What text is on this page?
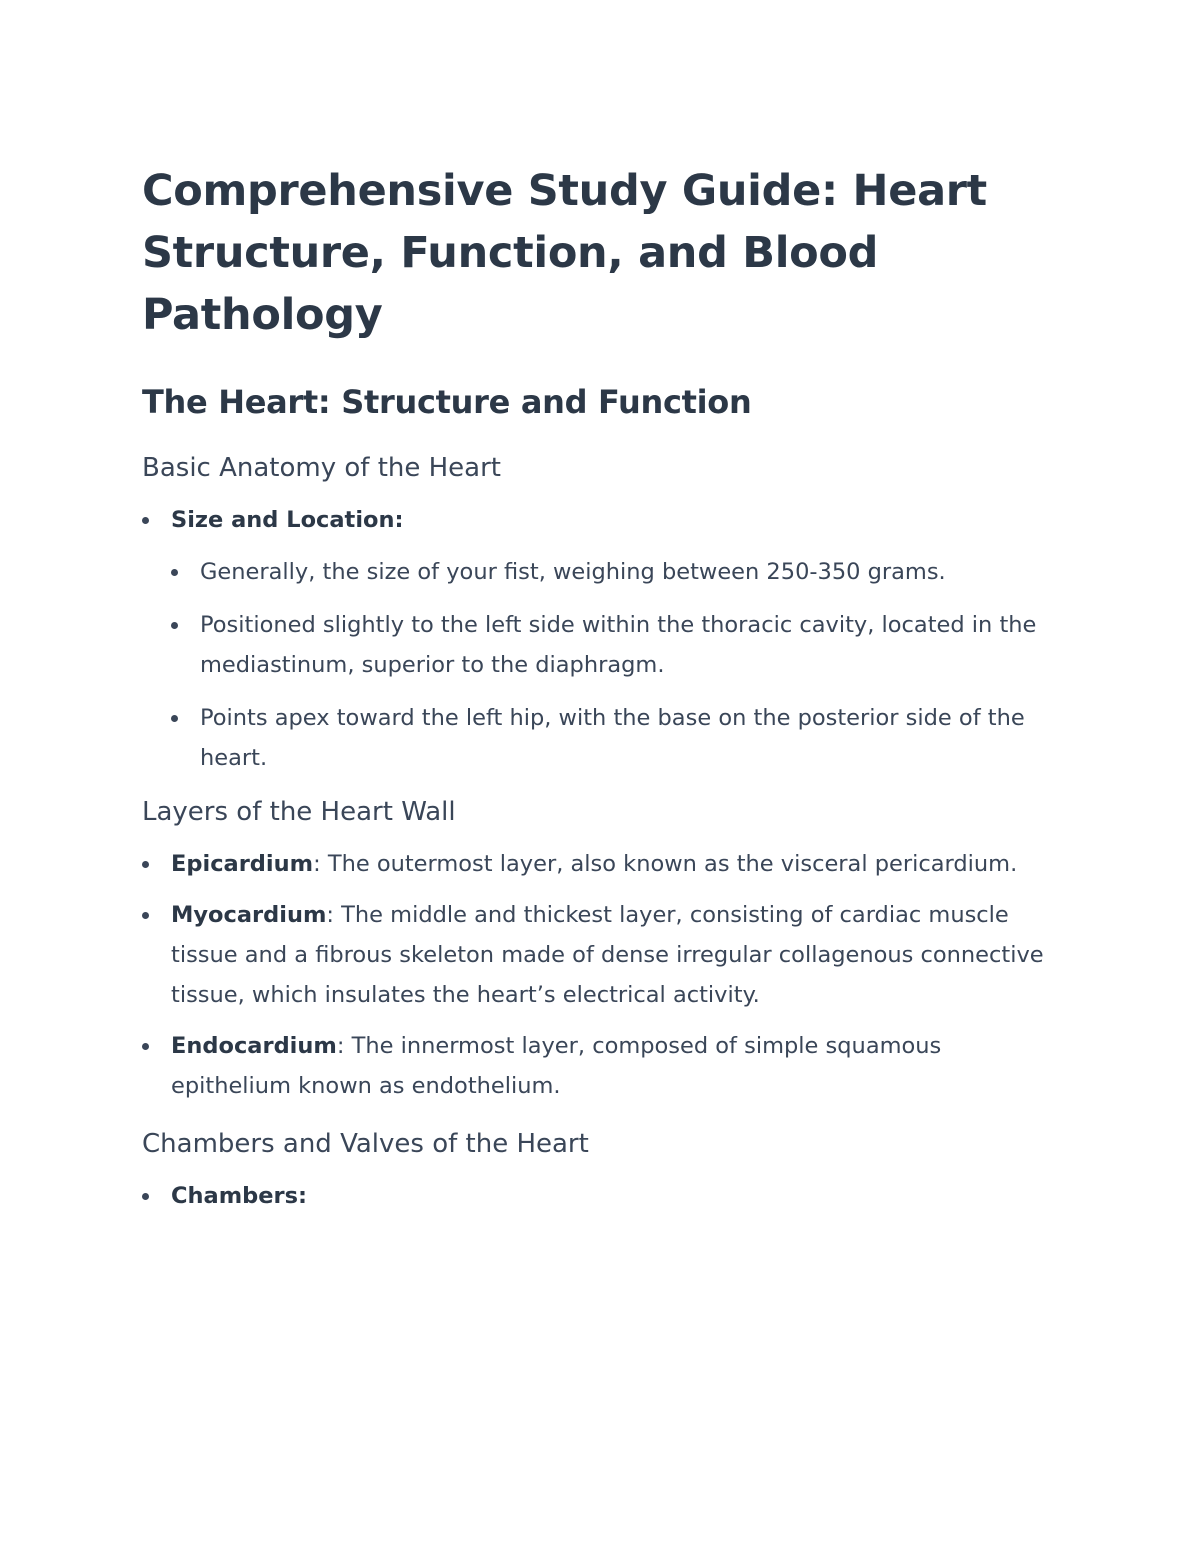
Comprehensive Study Guide: Heart Structure, Function, and Blood Pathology
The Heart: Structure and Function
Basic Anatomy of the Heart
Size and Location:
Generally, the size of your fist, weighing between 250-350 grams.
Positioned slightly to the left side within the thoracic cavity, located in the mediastinum, superior to the diaphragm.
Points apex toward the left hip, with the base on the posterior side of the heart.
Layers of the Heart Wall
Epicardium: The outermost layer, also known as the visceral pericardium.
Myocardium: The middle and thickest layer, consisting of cardiac muscle tissue and a fibrous skeleton made of dense irregular collagenous connective tissue, which insulates the heart’s electrical activity.
Endocardium: The innermost layer, composed of simple squamous epithelium known as endothelium.
Chambers and Valves of the Heart
Chambers:
